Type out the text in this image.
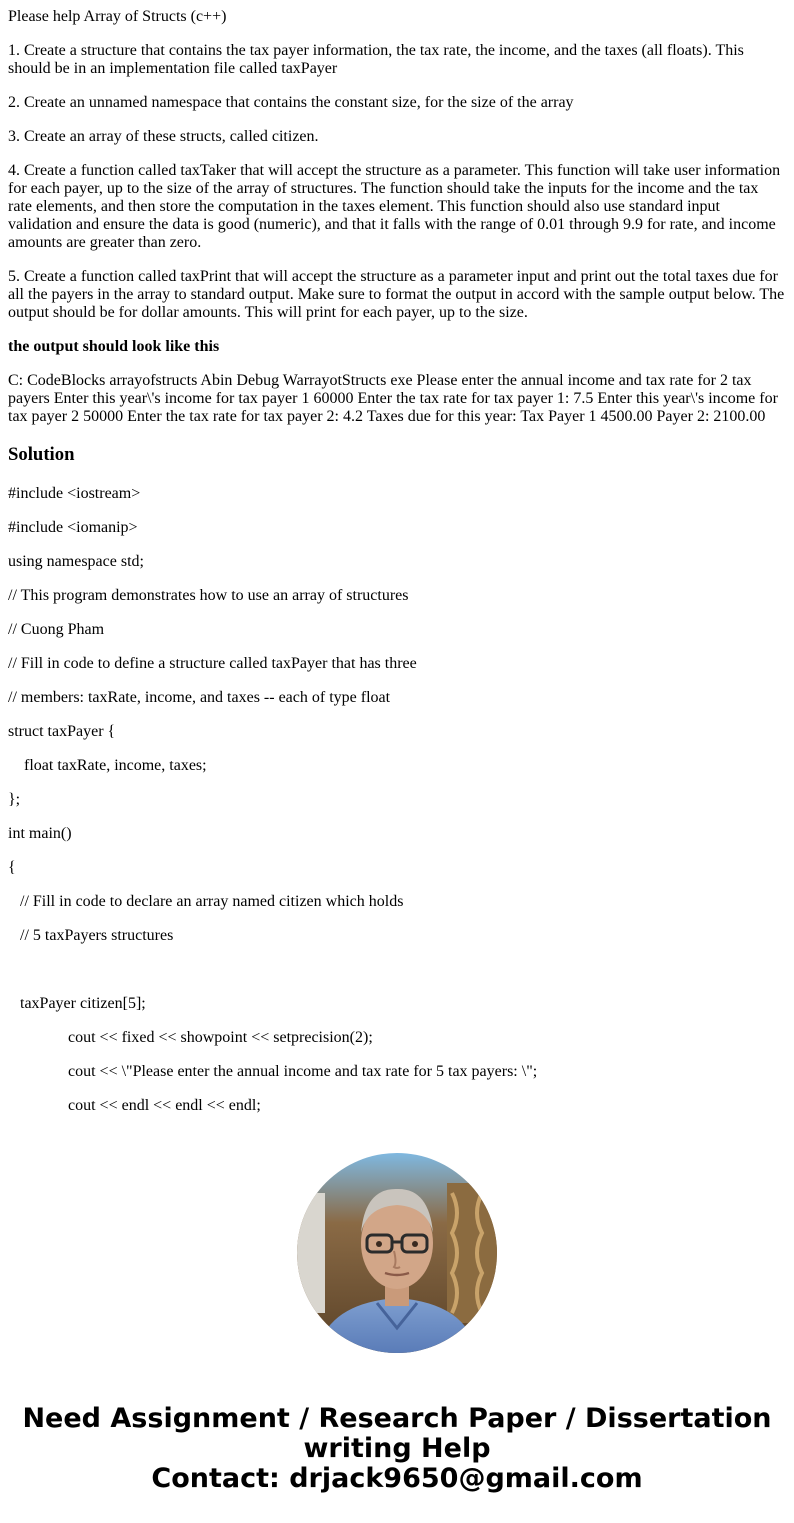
Please help Array of Structs (c++)

1. Create a structure that contains the tax payer information, the tax rate, the income, and the taxes (all floats). This should be in an implementation file called taxPayer

2. Create an unnamed namespace that contains the constant size, for the size of the array

3. Create an array of these structs, called citizen.

4. Create a function called taxTaker that will accept the structure as a parameter. This function will take user information for each payer, up to the size of the array of structures. The function should take the inputs for the income and the tax rate elements, and then store the computation in the taxes element. This function should also use standard input validation and ensure the data is good (numeric), and that it falls with the range of 0.01 through 9.9 for rate, and income amounts are greater than zero.

5. Create a function called taxPrint that will accept the structure as a parameter input and print out the total taxes due for all the payers in the array to standard output. Make sure to format the output in accord with the sample output below. The output should be for dollar amounts. This will print for each payer, up to the size.

the output should look like this

C: CodeBlocks arrayofstructs Abin Debug WarrayotStructs exe Please enter the annual income and tax rate for 2 tax payers Enter this year\'s income for tax payer 1 60000 Enter the tax rate for tax payer 1: 7.5 Enter this year\'s income for tax payer 2 50000 Enter the tax rate for tax payer 2: 4.2 Taxes due for this year: Tax Payer 1 4500.00 Payer 2: 2100.00

Solution
#include <iostream>
#include <iomanip>
using namespace std;
// This program demonstrates how to use an array of structures
// Cuong Pham
// Fill in code to define a structure called taxPayer that has three
// members: taxRate, income, and taxes -- each of type float
struct taxPayer {
float taxRate, income, taxes;
};
int main()
{
// Fill in code to declare an array named citizen which holds
// 5 taxPayers structures
taxPayer citizen[5];
cout << fixed << showpoint << setprecision(2);
cout << \"Please enter the annual income and tax rate for 5 tax payers: \";
cout << endl << endl << endl;
Need Assignment / Research Paper / Dissertation
writing Help
Contact: drjack9650@gmail.com
